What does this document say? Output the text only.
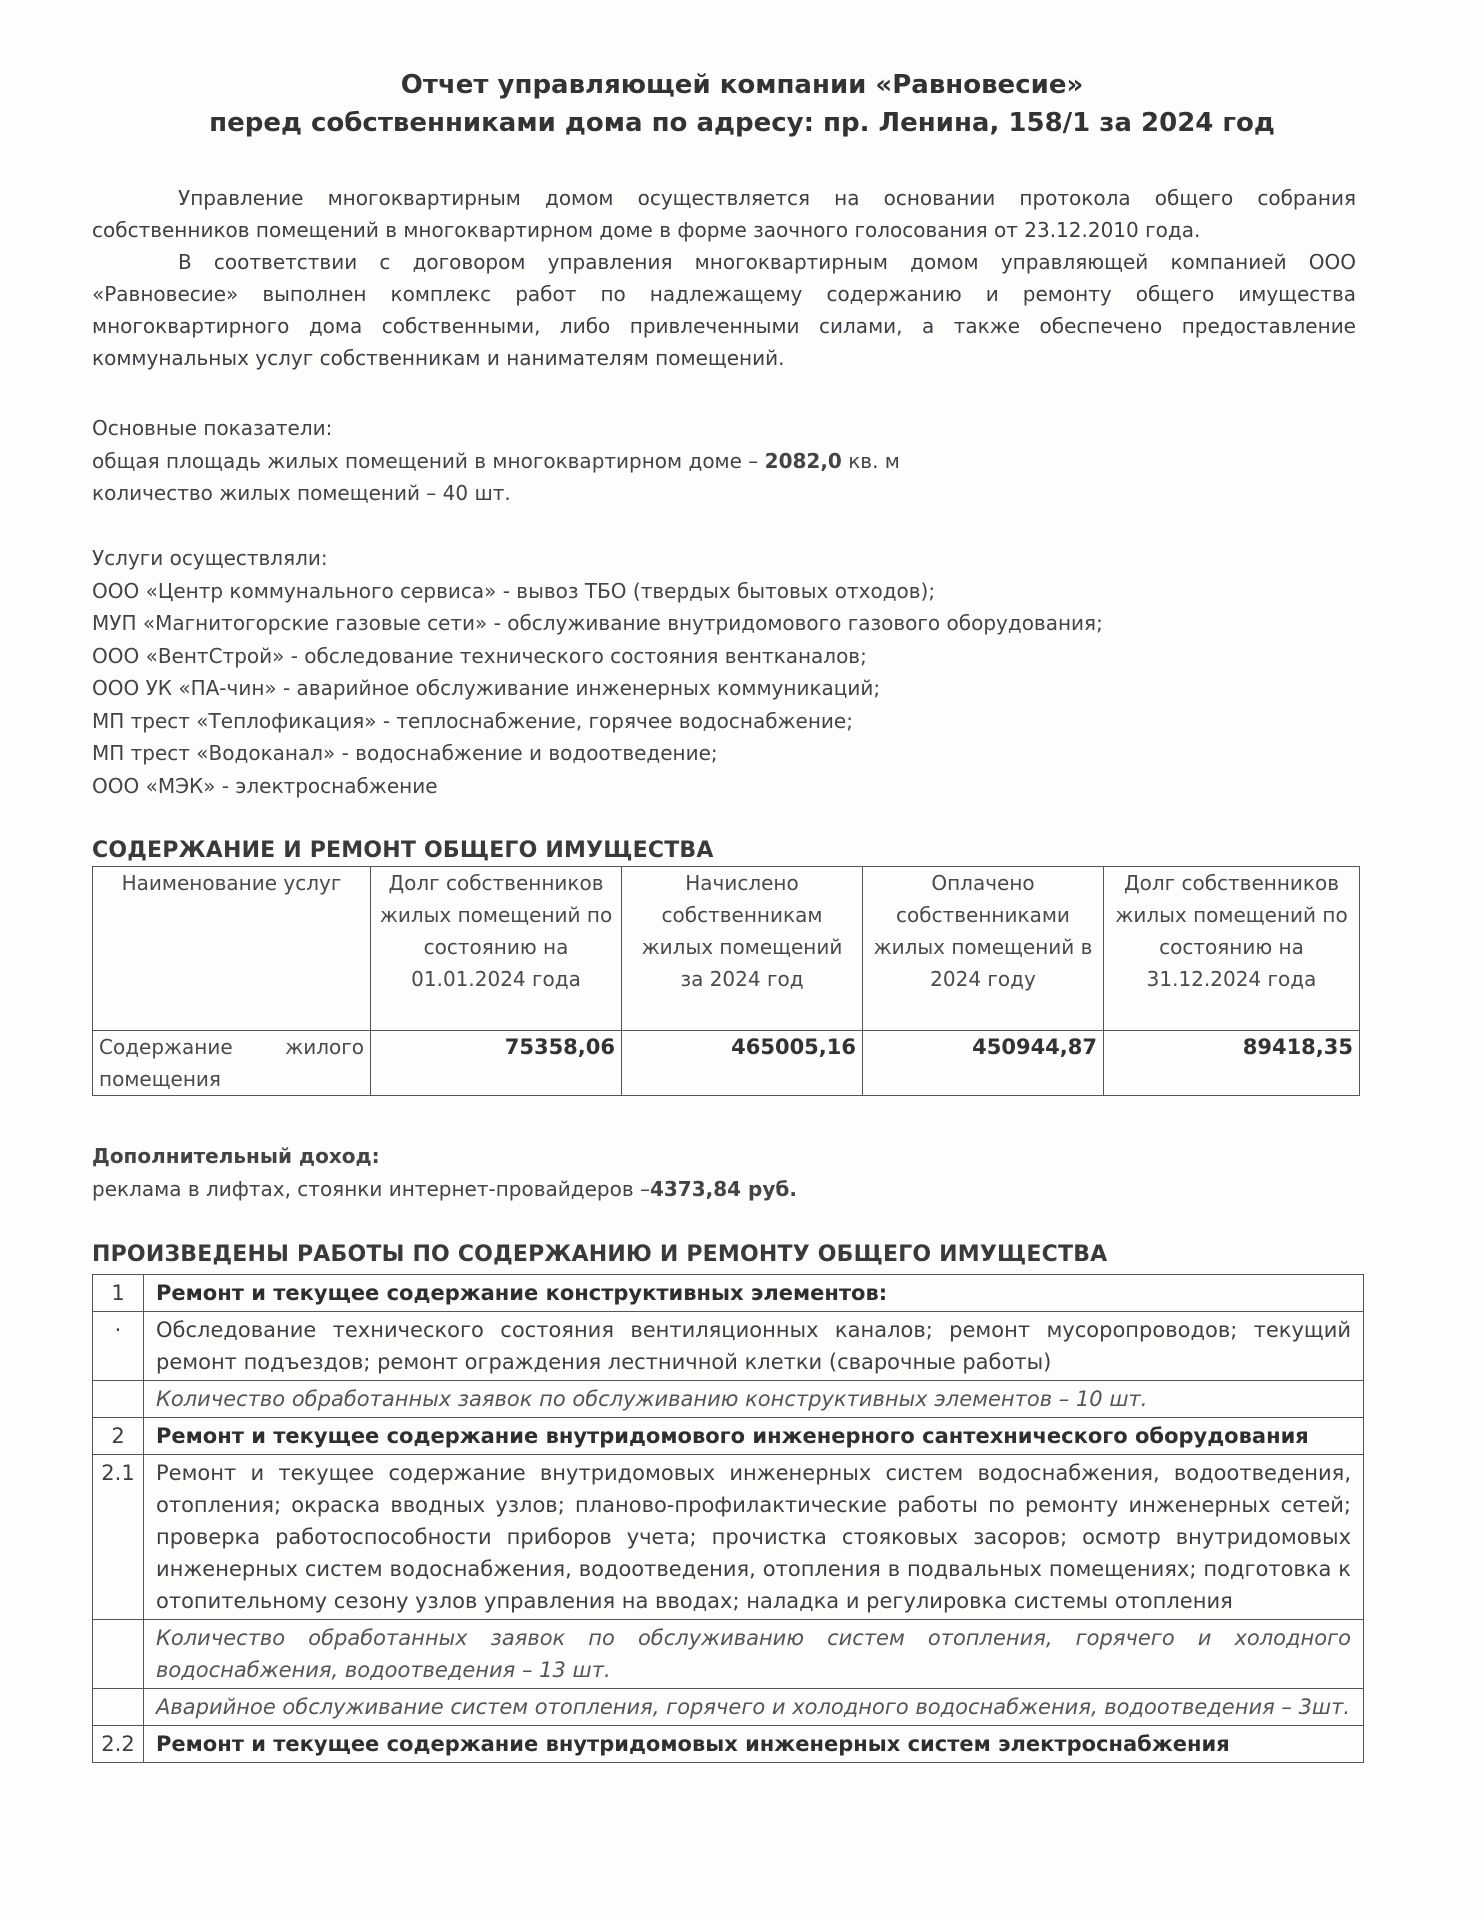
Отчет управляющей компании «Равновесие»
перед собственниками дома по адресу: пр. Ленина, 158/1 за 2024 год
Управление многоквартирным домом осуществляется на основании протокола общего собрания собственников помещений в многоквартирном доме в форме заочного голосования от 23.12.2010 года.
В соответствии с договором управления многоквартирным домом управляющей компанией ООО «Равновесие» выполнен комплекс работ по надлежащему содержанию и ремонту общего имущества многоквартирного дома собственными, либо привлеченными силами, а также обеспечено предоставление коммунальных услуг собственникам и нанимателям помещений.
Основные показатели:
общая площадь жилых помещений в многоквартирном доме – 2082,0 кв. м
количество жилых помещений – 40 шт.
Услуги осуществляли:
ООО «Центр коммунального сервиса» - вывоз ТБО (твердых бытовых отходов);
МУП «Магнитогорские газовые сети» - обслуживание внутридомового газового оборудования;
ООО «ВентСтрой» - обследование технического состояния вентканалов;
ООО УК «ПА-чин» - аварийное обслуживание инженерных коммуникаций;
МП трест «Теплофикация» - теплоснабжение, горячее водоснабжение;
МП трест «Водоканал» - водоснабжение и водоотведение;
ООО «МЭК» - электроснабжение
СОДЕРЖАНИЕ И РЕМОНТ ОБЩЕГО ИМУЩЕСТВА
Наименование услуг	Долг собственников жилых помещений по состоянию на 01.01.2024 года	Начислено собственникам жилых помещений за 2024 год	Оплачено собственниками жилых помещений в 2024 году	Долг собственников жилых помещений по состоянию на 31.12.2024 года
Содержание жилого помещения	75358,06	465005,16	450944,87	89418,35
Дополнительный доход:
реклама в лифтах, стоянки интернет-провайдеров –4373,84 руб.
ПРОИЗВЕДЕНЫ РАБОТЫ ПО СОДЕРЖАНИЮ И РЕМОНТУ ОБЩЕГО ИМУЩЕСТВА
1	Ремонт и текущее содержание конструктивных элементов:
·	Обследование технического состояния вентиляционных каналов; ремонт мусоропроводов; текущий ремонт подъездов; ремонт ограждения лестничной клетки (сварочные работы)
	Количество обработанных заявок по обслуживанию конструктивных элементов – 10 шт.
2	Ремонт и текущее содержание внутридомового инженерного сантехнического оборудования
2.1	Ремонт и текущее содержание внутридомовых инженерных систем водоснабжения, водоотведения, отопления; окраска вводных узлов; планово-профилактические работы по ремонту инженерных сетей; проверка работоспособности приборов учета; прочистка стояковых засоров; осмотр внутридомовых инженерных систем водоснабжения, водоотведения, отопления в подвальных помещениях; подготовка к отопительному сезону узлов управления на вводах; наладка и регулировка системы отопления
	Количество обработанных заявок по обслуживанию систем отопления, горячего и холодного водоснабжения, водоотведения – 13 шт.
	Аварийное обслуживание систем отопления, горячего и холодного водоснабжения, водоотведения – 3шт.
2.2	Ремонт и текущее содержание внутридомовых инженерных систем электроснабжения
